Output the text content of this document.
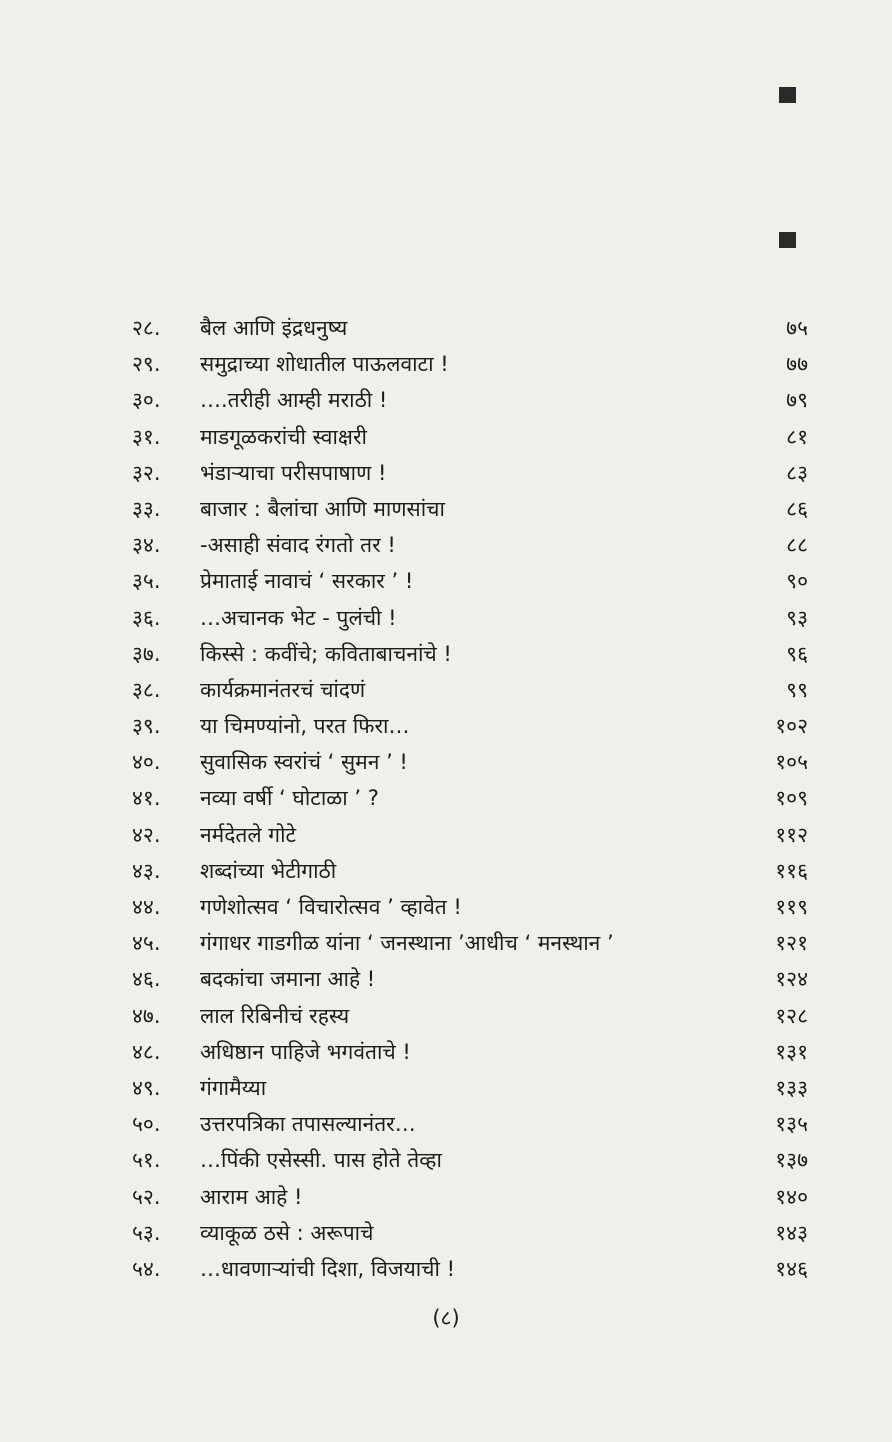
२८. बैल आणि इंद्रधनुष्य	७५
२९. समुद्राच्या शोधातील पाऊलवाटा !	७७
३०. ….तरीही आम्ही मराठी !	७९
३१. माडगूळकरांची स्वाक्षरी	८१
३२. भंडाऱ्याचा परीसपाषाण !	८३
३३. बाजार : बैलांचा आणि माणसांचा	८६
३४. -असाही संवाद रंगतो तर !	८८
३५. प्रेमाताई नावाचं ‘ सरकार ’ !	९०
३६. …अचानक भेट - पुलंची !	९३
३७. किस्से : कवींचे; कविताबाचनांचे !	९६
३८. कार्यक्रमानंतरचं चांदणं	९९
३९. या चिमण्यांनो, परत फिरा…	१०२
४०. सुवासिक स्वरांचं ‘ सुमन ’ !	१०५
४१. नव्या वर्षी ‘ घोटाळा ’ ?	१०९
४२. नर्मदेतले गोटे	११२
४३. शब्दांच्या भेटीगाठी	११६
४४. गणेशोत्सव ‘ विचारोत्सव ’ व्हावेत !	११९
४५. गंगाधर गाडगीळ यांना ‘ जनस्थाना ’आधीच ‘ मनस्थान ’	१२१
४६. बदकांचा जमाना आहे !	१२४
४७. लाल रिबिनीचं रहस्य	१२८
४८. अधिष्ठान पाहिजे भगवंताचे !	१३१
४९. गंगामैय्या	१३३
५०. उत्तरपत्रिका तपासल्यानंतर…	१३५
५१. …पिंकी एसेस्सी. पास होते तेव्हा	१३७
५२. आराम आहे !	१४०
५३. व्याकूळ ठसे : अरूपाचे	१४३
५४. …धावणाऱ्यांची दिशा, विजयाची !	१४६
(८)
